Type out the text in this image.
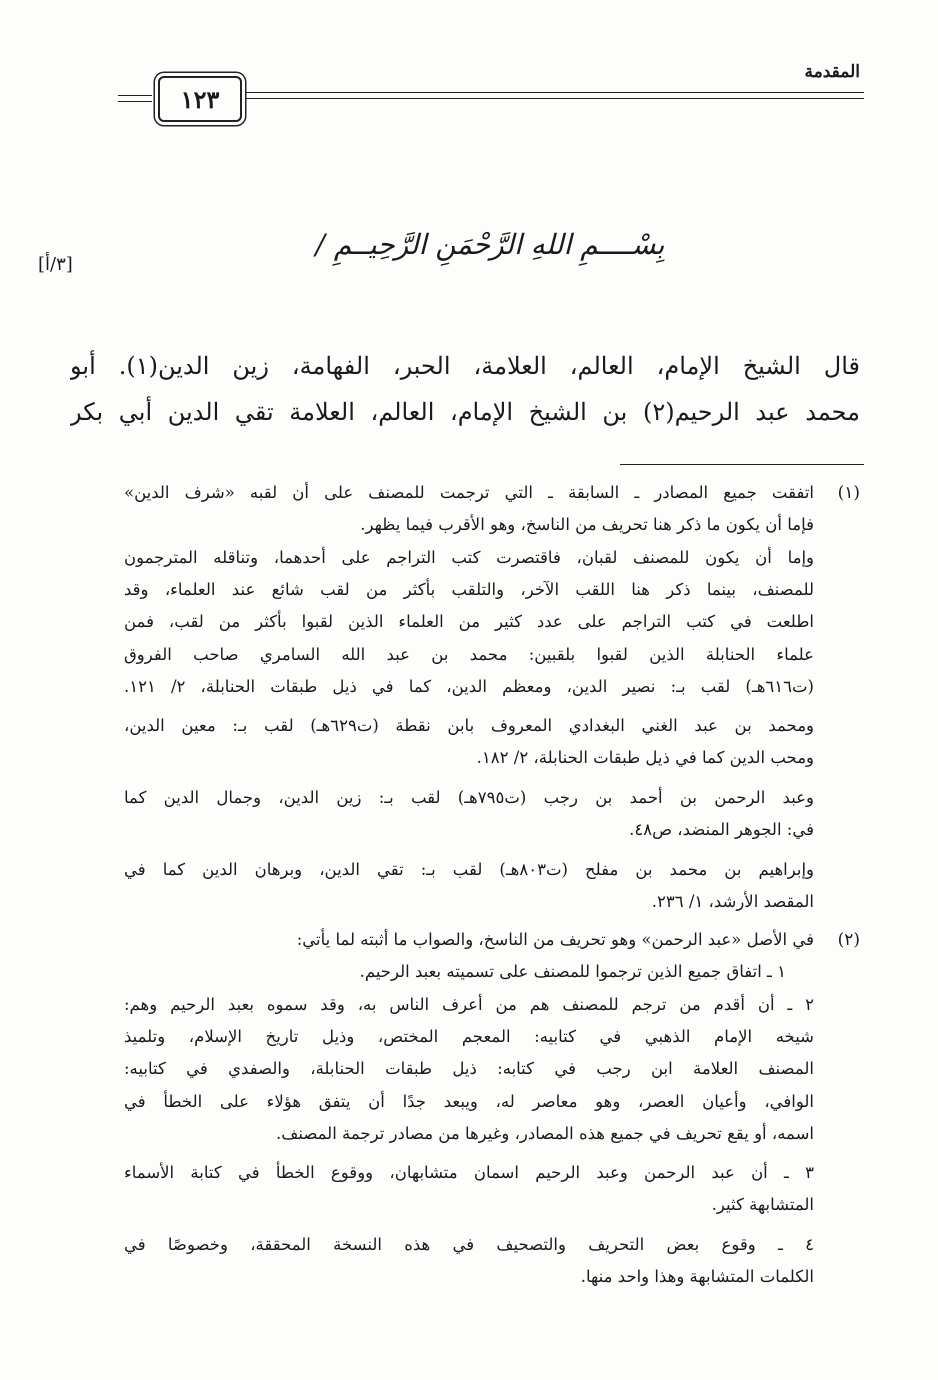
المقدمة
١٢٣
بِسْــــمِ اللهِ الرَّحْمَنِ الرَّحِيــمِ /
[٣/أ]
قال الشيخ الإمام، العالم، العلامة، الحبر، الفهامة، زين الدين(١). أبو
محمد عبد الرحيم(٢) بن الشيخ الإمام، العالم، العلامة تقي الدين أبي بكر
(١)
اتفقت جميع المصادر ـ السابقة ـ التي ترجمت للمصنف على أن لقبه «شرف الدين»
فإما أن يكون ما ذكر هنا تحريف من الناسخ، وهو الأقرب فيما يظهر.
وإما أن يكون للمصنف لقبان، فاقتصرت كتب التراجم على أحدهما، وتناقله المترجمون
للمصنف، بينما ذكر هنا اللقب الآخر، والتلقب بأكثر من لقب شائع عند العلماء، وقد
اطلعت في كتب التراجم على عدد كثير من العلماء الذين لقبوا بأكثر من لقب، فمن
علماء الحنابلة الذين لقبوا بلقبين: محمد بن عبد الله السامري صاحب الفروق
(ت٦١٦هـ) لقب بـ: نصير الدين، ومعظم الدين، كما في ذيل طبقات الحنابلة، ٢/ ١٢١.
ومحمد بن عبد الغني البغدادي المعروف بابن نقطة (ت٦٢٩هـ) لقب بـ: معين الدين،
ومحب الدين كما في ذيل طبقات الحنابلة، ٢/ ١٨٢.
وعبد الرحمن بن أحمد بن رجب (ت٧٩٥هـ) لقب بـ: زين الدين، وجمال الدين كما
في: الجوهر المنضد، ص٤٨.
وإبراهيم بن محمد بن مفلح (ت٨٠٣هـ) لقب بـ: تقي الدين، وبرهان الدين كما في
المقصد الأرشد، ١/ ٢٣٦.
(٢)
في الأصل «عبد الرحمن» وهو تحريف من الناسخ، والصواب ما أثبته لما يأتي:
١ ـ اتفاق جميع الذين ترجموا للمصنف على تسميته بعبد الرحيم.
٢ ـ أن أقدم من ترجم للمصنف هم من أعرف الناس به، وقد سموه بعبد الرحيم وهم:
شيخه الإمام الذهبي في كتابيه: المعجم المختص، وذيل تاريخ الإسلام، وتلميذ
المصنف العلامة ابن رجب في كتابه: ذيل طبقات الحنابلة، والصفدي في كتابيه:
الوافي، وأعيان العصر، وهو معاصر له، ويبعد جدًا أن يتفق هؤلاء على الخطأ في
اسمه، أو يقع تحريف في جميع هذه المصادر، وغيرها من مصادر ترجمة المصنف.
٣ ـ أن عبد الرحمن وعبد الرحيم اسمان متشابهان، ووقوع الخطأ في كتابة الأسماء
المتشابهة كثير.
٤ ـ وقوع بعض التحريف والتصحيف في هذه النسخة المحققة، وخصوصًا في
الكلمات المتشابهة وهذا واحد منها.
